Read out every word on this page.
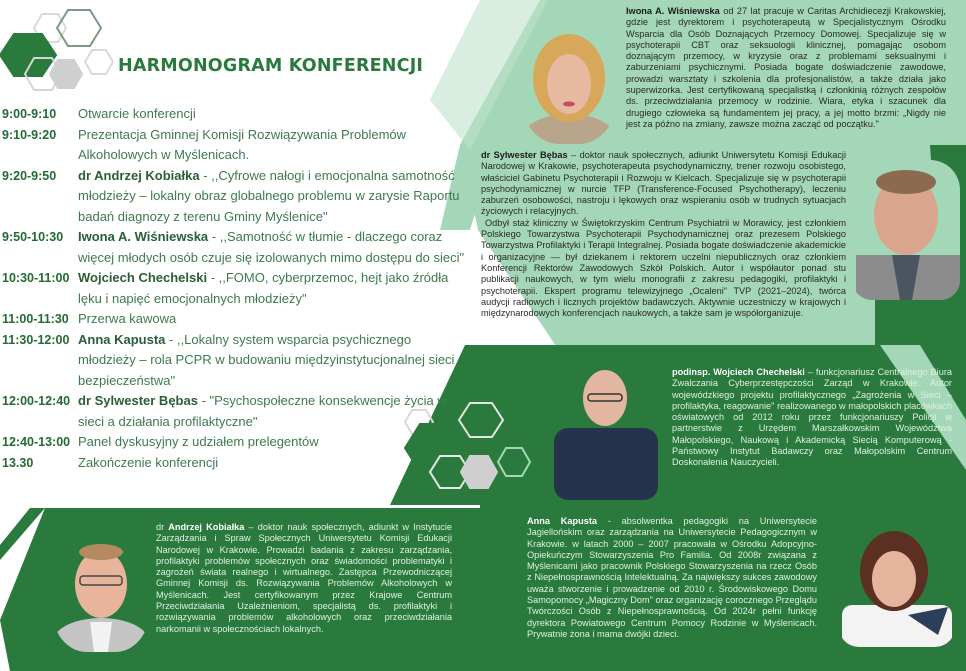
HARMONOGRAM KONFERENCJI
9:00-9:10	Otwarcie konferencji
9:10-9:20	Prezentacja Gminnej Komisji Rozwiązywania Problemów Alkoholowych w Myślenicach.
9:20-9:50	dr Andrzej Kobiałka - ,,Cyfrowe nałogi i emocjonalna samotność młodzieży – lokalny obraz globalnego problemu w zarysie Raportu badań diagnozy z terenu Gminy Myślenice"
9:50-10:30	Iwona A. Wiśniewska - ,,Samotność w tłumie - dlaczego coraz więcej młodych osób czuje się izolowanych mimo dostępu do sieci"
10:30-11:00 Wojciech Chechelski - ,,FOMO, cyberprzemoc, hejt jako źródła lęku i napięć emocjonalnych młodzieży"
11:00-11:30 Przerwa kawowa
11:30-12:00 Anna Kapusta - ,,Lokalny system wsparcia psychicznego młodzieży – rola PCPR w budowaniu międzyinstytucjonalnej sieci bezpieczeństwa"
12:00-12:40 dr Sylwester Bębas - "Psychospołeczne konsekwencje życia w sieci a działania profilaktyczne"
12:40-13:00 Panel dyskusyjny z udziałem prelegentów
13.30	Zakończenie konferencji
Iwona A. Wiśniewska od 27 lat pracuje w Caritas Archidiecezji Krakowskiej, gdzie jest dyrektorem i psychoterapeutą w Specjalistycznym Ośrodku Wsparcia dla Osób Doznających Przemocy Domowej. Specjalizuje się w psychoterapii CBT oraz seksuologii klinicznej, pomagając osobom doznającym przemocy, w kryzysie oraz z problemami seksualnymi i zaburzeniami psychicznymi. Posiada bogate doświadczenie zawodowe, prowadzi warsztaty i szkolenia dla profesjonalistów, a także działa jako superwizorka. Jest certyfikowaną specjalistką i członkinią różnych zespołów ds. przeciwdziałania przemocy w rodzinie. Wiara, etyka i szacunek dla drugiego człowieka są fundamentem jej pracy, a jej motto brzmi: „Nigdy nie jest za późno na zmiany, zawsze można zacząć od początku."
dr Sylwester Bębas – doktor nauk społecznych, adiunkt Uniwersytetu Komisji Edukacji Narodowej w Krakowie, psychoterapeuta psychodynamiczny, trener rozwoju osobistego, właściciel Gabinetu Psychoterapii i Rozwoju w Kielcach. Specjalizuje się w psychoterapii psychodynamicznej w nurcie TFP (Transference-Focused Psychotherapy), leczeniu zaburzeń osobowości, nastroju i lękowych oraz wspieraniu osób w trudnych sytuacjach życiowych i relacyjnych.
Odbył staż kliniczny w Świętokrzyskim Centrum Psychiatrii w Morawicy, jest członkiem Polskiego Towarzystwa Psychoterapii Psychodynamicznej oraz prezesem Polskiego Towarzystwa Profilaktyki i Terapii Integralnej. Posiada bogate doświadczenie akademickie i organizacyjne — był dziekanem i rektorem uczelni niepublicznych oraz członkiem Konferencji Rektorów Zawodowych Szkół Polskich. Autor i współautor ponad stu publikacji naukowych, w tym wielu monografii z zakresu pedagogiki, profilaktyki i psychoterapii. Ekspert programu telewizyjnego „Ocaleni" TVP (2021–2024), twórca audycji radiowych i licznych projektów badawczych. Aktywnie uczestniczy w krajowych i międzynarodowych konferencjach naukowych, a także sam je współorganizuje.
podinsp. Wojciech Chechelski – funkcjonariusz Centralnego Biura Zwalczania Cyberprzestępczości Zarząd w Krakowie. Autor wojewódzkiego projektu profilaktycznego „Zagrożenia w Sieci – profilaktyka, reagowanie" realizowanego w małopolskich placówkach oświatowych od 2012 roku przez funkcjonariuszy Policji w partnerstwie z Urzędem Marszałkowskim Województwa Małopolskiego, Naukową i Akademicką Siecią Komputerową - Państwowy Instytut Badawczy oraz Małopolskim Centrum Doskonalenia Nauczycieli.
dr Andrzej Kobiałka – doktor nauk społecznych, adiunkt w Instytucie Zarządzania i Spraw Społecznych Uniwersytetu Komisji Edukacji Narodowej w Krakowie. Prowadzi badania z zakresu zarządzania, profilaktyki problemów społecznych oraz świadomości problematyki i zagrożeń świata realnego i wirtualnego. Zastępca Przewodniczącej Gminnej Komisji ds. Rozwiązywania Problemów Alkoholowych w Myślenicach. Jest certyfikowanym przez Krajowe Centrum Przeciwdziałania Uzależnieniom, specjalistą ds. profilaktyki i rozwiązywania problemów alkoholowych oraz przeciwdziałania narkomanii w społecznościach lokalnych.
Anna Kapusta - absolwentka pedagogiki na Uniwersytecie Jagiellońskim oraz zarządzania na Uniwersytecie Pedagogicznym w Krakowie. w latach 2000 – 2007 pracowała w Ośrodku Adopcyjno-Opiekuńczym Stowarzyszenia Pro Familia. Od 2008r związana z Myślenicami jako pracownik Polskiego Stowarzyszenia na rzecz Osób z Niepełnosprawnością Intelektualną. Za największy sukces zawodowy uważa stworzenie i prowadzenie od 2010 r. Środowiskowego Domu Samopomocy „Magiczny Dom" oraz organizację corocznego Przeglądu Twórczości Osób z Niepełnosprawnością. Od 2024r pełni funkcję dyrektora Powiatowego Centrum Pomocy Rodzinie w Myślenicach. Prywatnie żona i mama dwójki dzieci.
